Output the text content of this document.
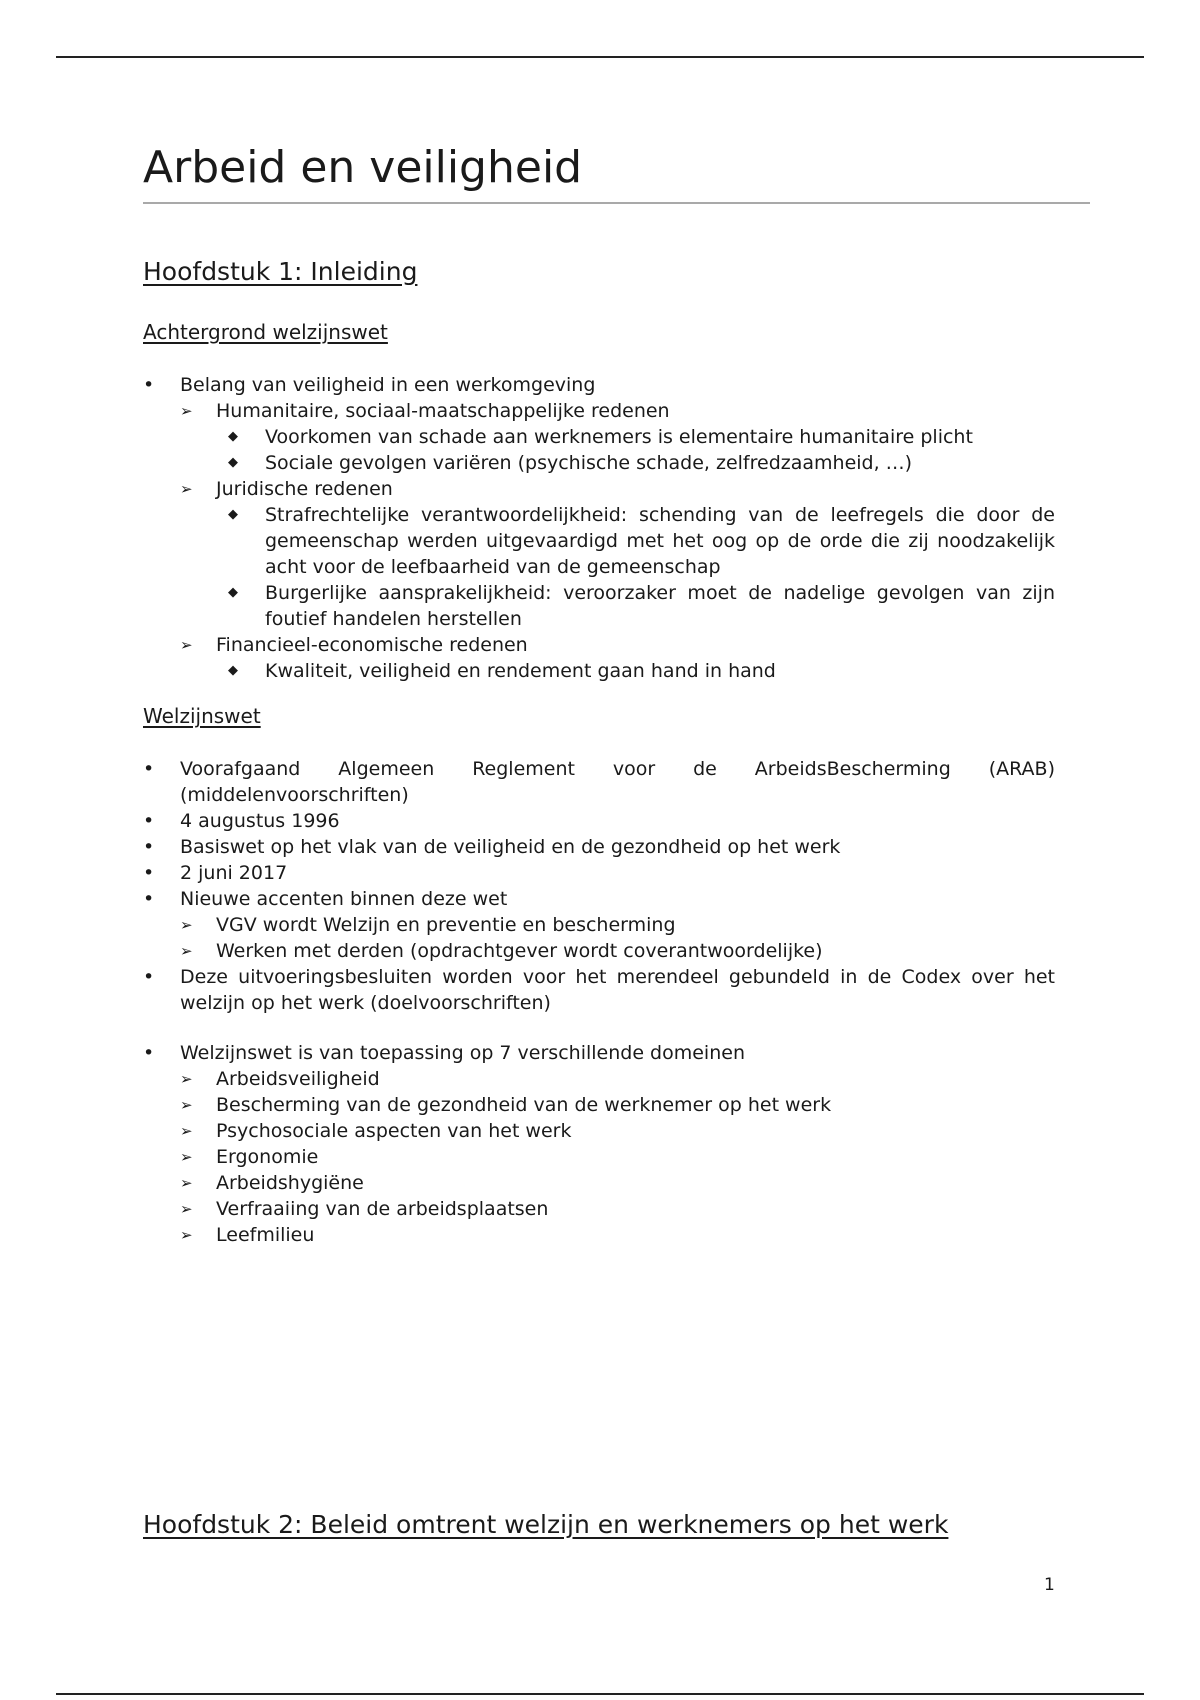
Arbeid en veiligheid
Hoofdstuk 1: Inleiding
Achtergrond welzijnswet
• Belang van veiligheid in een werkomgeving
➢ Humanitaire, sociaal-maatschappelijke redenen
◆ Voorkomen van schade aan werknemers is elementaire humanitaire plicht
◆ Sociale gevolgen variëren (psychische schade, zelfredzaamheid, …)
➢ Juridische redenen
◆ Strafrechtelijke verantwoordelijkheid: schending van de leefregels die door de gemeenschap werden uitgevaardigd met het oog op de orde die zij noodzakelijk acht voor de leefbaarheid van de gemeenschap
◆ Burgerlijke aansprakelijkheid: veroorzaker moet de nadelige gevolgen van zijn foutief handelen herstellen
➢ Financieel-economische redenen
◆ Kwaliteit, veiligheid en rendement gaan hand in hand
Welzijnswet
• Voorafgaand Algemeen Reglement voor de ArbeidsBescherming (ARAB) (middelenvoorschriften)
• 4 augustus 1996
• Basiswet op het vlak van de veiligheid en de gezondheid op het werk
• 2 juni 2017
• Nieuwe accenten binnen deze wet
➢ VGV wordt Welzijn en preventie en bescherming
➢ Werken met derden (opdrachtgever wordt coverantwoordelijke)
• Deze uitvoeringsbesluiten worden voor het merendeel gebundeld in de Codex over het welzijn op het werk (doelvoorschriften)
• Welzijnswet is van toepassing op 7 verschillende domeinen
➢ Arbeidsveiligheid
➢ Bescherming van de gezondheid van de werknemer op het werk
➢ Psychosociale aspecten van het werk
➢ Ergonomie
➢ Arbeidshygiëne
➢ Verfraaiing van de arbeidsplaatsen
➢ Leefmilieu
Hoofdstuk 2: Beleid omtrent welzijn en werknemers op het werk
1
